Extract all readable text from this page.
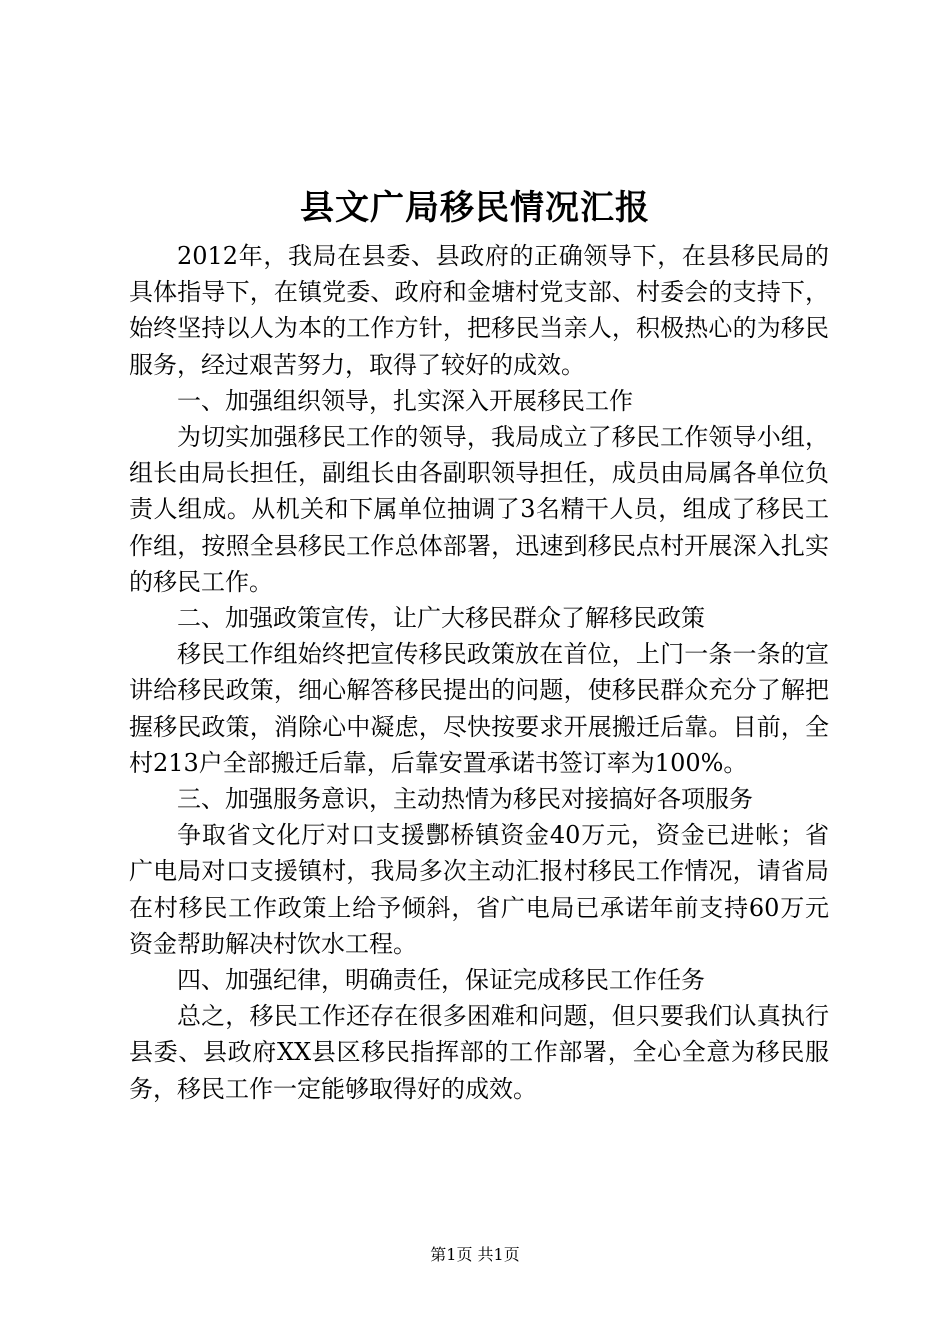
县文广局移民情况汇报

2012年，我局在县委、县政府的正确领导下，在县移民局的具体指导下，在镇党委、政府和金塘村党支部、村委会的支持下，始终坚持以人为本的工作方针，把移民当亲人，积极热心的为移民服务，经过艰苦努力，取得了较好的成效。

一、加强组织领导，扎实深入开展移民工作

为切实加强移民工作的领导，我局成立了移民工作领导小组，组长由局长担任，副组长由各副职领导担任，成员由局属各单位负责人组成。从机关和下属单位抽调了3名精干人员，组成了移民工作组，按照全县移民工作总体部署，迅速到移民点村开展深入扎实的移民工作。

二、加强政策宣传，让广大移民群众了解移民政策

移民工作组始终把宣传移民政策放在首位，上门一条一条的宣讲给移民政策，细心解答移民提出的问题，使移民群众充分了解把握移民政策，消除心中凝虑，尽快按要求开展搬迁后靠。目前，全村213户全部搬迁后靠，后靠安置承诺书签订率为100%。

三、加强服务意识，主动热情为移民对接搞好各项服务

争取省文化厅对口支援酆桥镇资金40万元，资金已进帐；省广电局对口支援镇村，我局多次主动汇报村移民工作情况，请省局在村移民工作政策上给予倾斜，省广电局已承诺年前支持60万元资金帮助解决村饮水工程。

四、加强纪律，明确责任，保证完成移民工作任务

总之，移民工作还存在很多困难和问题，但只要我们认真执行县委、县政府XX县区移民指挥部的工作部署，全心全意为移民服务，移民工作一定能够取得好的成效。

第1页 共1页
